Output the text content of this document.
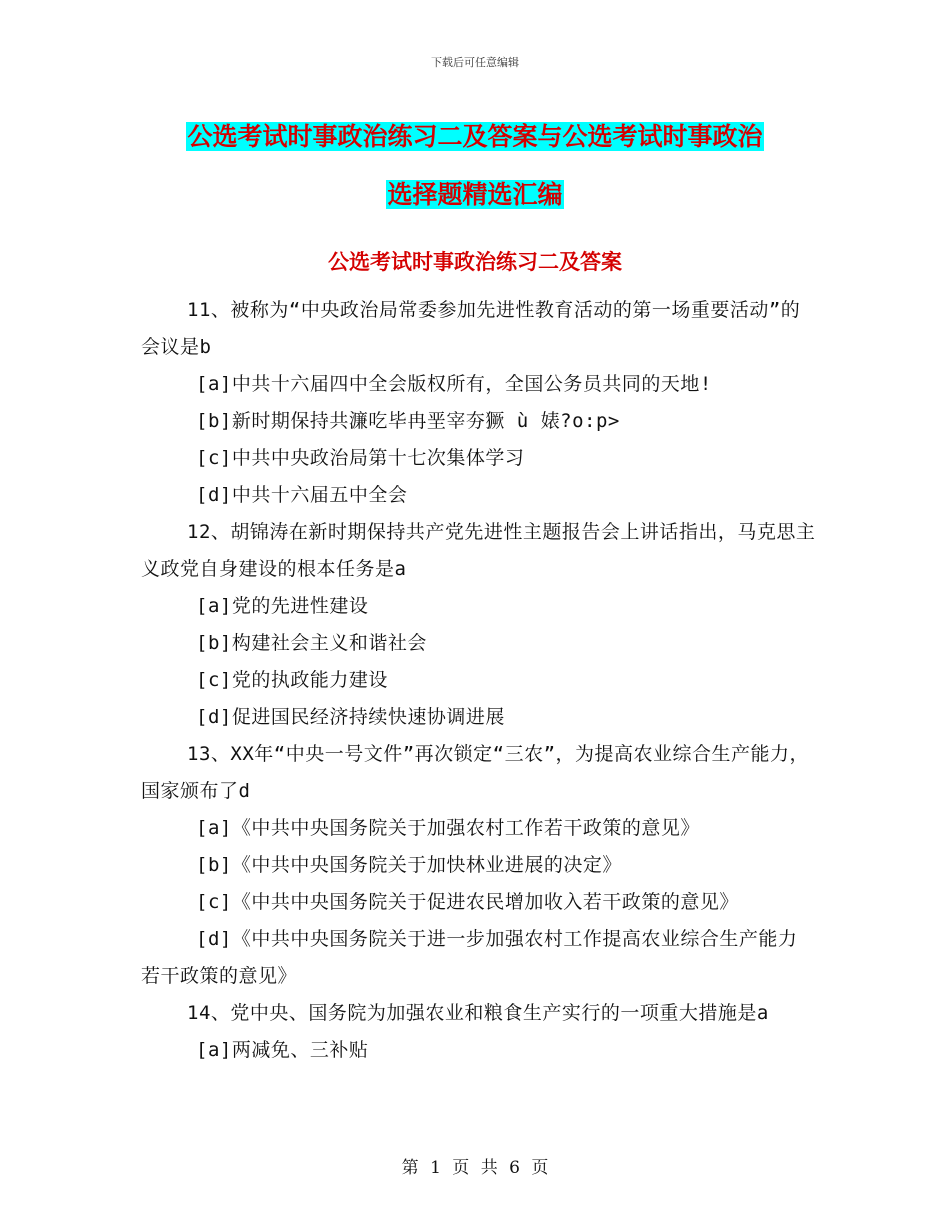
下载后可任意编辑
公选考试时事政治练习二及答案与公选考试时事政治
选择题精选汇编
公选考试时事政治练习二及答案

11、被称为“中央政治局常委参加先进性教育活动的第一场重要活动”的会议是b

[a]中共十六届四中全会版权所有，全国公务员共同的天地!

[b]新时期保持共濂吃毕冉垩宰夯獗 ù 婊?o:p>

[c]中共中央政治局第十七次集体学习

[d]中共十六届五中全会

12、胡锦涛在新时期保持共产党先进性主题报告会上讲话指出，马克思主义政党自身建设的根本任务是a

[a]党的先进性建设

[b]构建社会主义和谐社会

[c]党的执政能力建设

[d]促进国民经济持续快速协调进展

13、XX年“中央一号文件”再次锁定“三农”，为提高农业综合生产能力，国家颁布了d

[a]《中共中央国务院关于加强农村工作若干政策的意见》

[b]《中共中央国务院关于加快林业进展的决定》

[c]《中共中央国务院关于促进农民增加收入若干政策的意见》

[d]《中共中央国务院关于进一步加强农村工作提高农业综合生产能力若干政策的意见》

14、党中央、国务院为加强农业和粮食生产实行的一项重大措施是a

[a]两减免、三补贴

第 1 页 共 6 页
